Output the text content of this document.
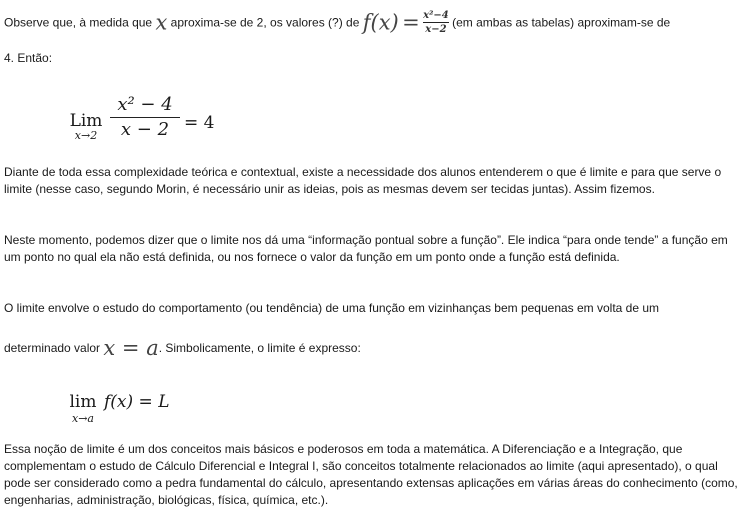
Observe que, à medida que x aproxima-se de 2, os valores (?) de $f(x) = \frac{\text{x²−4}}{x-2} (em$ ambas as tabelas) aproximam-se de

4. Então:

Lim
x→2
x² − 4
x − 2 = 4

Diante de toda essa complexidade teórica e contextual, existe a necessidade dos alunos entenderem o que é limite e para que serve o limite (nesse caso, segundo Morin, é necessário unir as ideias, pois as mesmas devem ser tecidas juntas). Assim fizemos.

Neste momento, podemos dizer que o limite nos dá uma “informação pontual sobre a função”. Ele indica “para onde tende” a função em um ponto no qual ela não está definida, ou nos fornece o valor da função em um ponto onde a função está definida.

O limite envolve o estudo do comportamento (ou tendência) de uma função em vizinhanças bem pequenas em volta de um

determinado valor x = a. Simbolicamente, o limite é expresso:
lim
x→a
f(x) = L

Essa noção de limite é um dos conceitos mais básicos e poderosos em toda a matemática. A Diferenciação e a Integração, que complementam o estudo de Cálculo Diferencial e Integral I, são conceitos totalmente relacionados ao limite (aqui apresentado), o qual pode ser considerado como a pedra fundamental do cálculo, apresentando extensas aplicações em várias áreas do conhecimento (como, engenharias, administração, biológicas, física, química, etc.).
